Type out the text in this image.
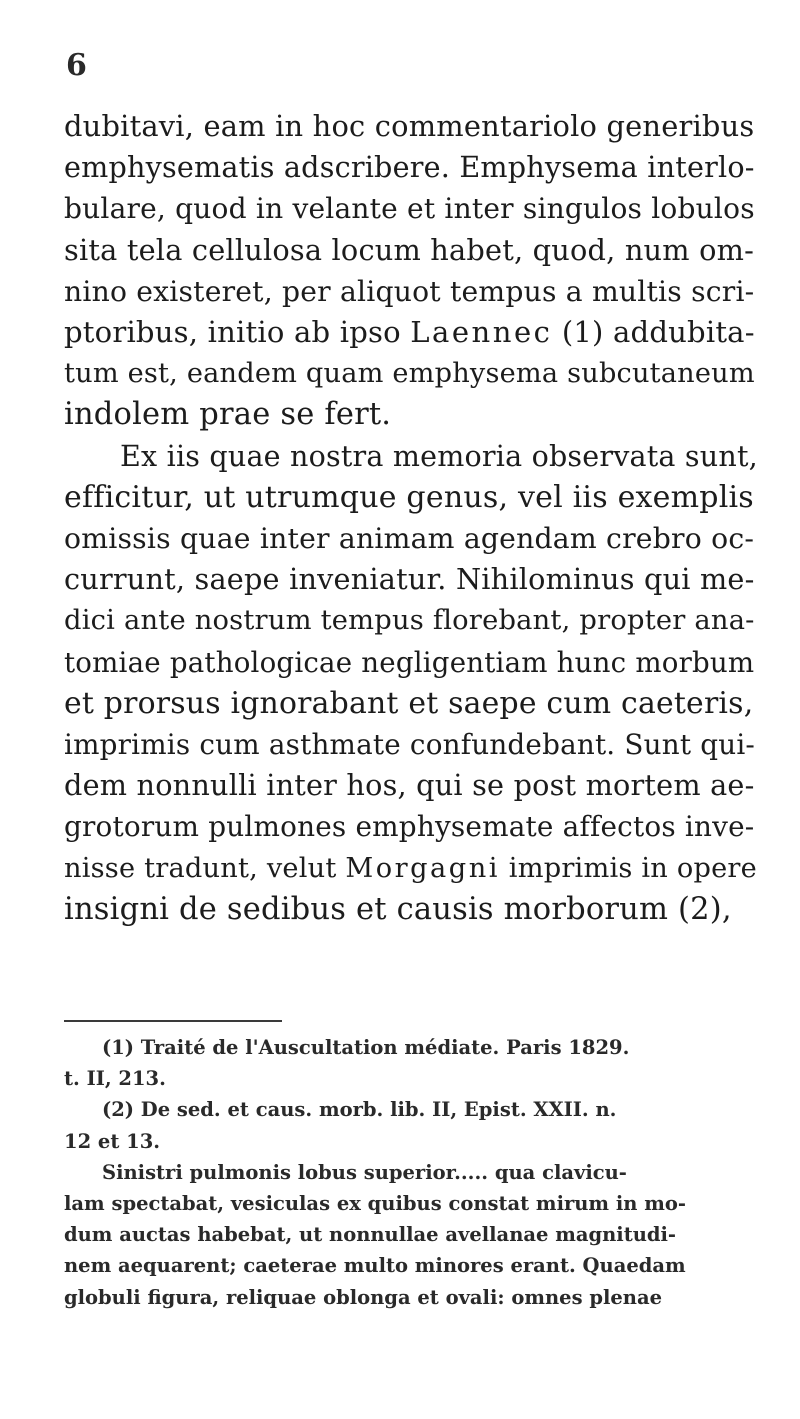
6
dubitavi, eam in hoc commentariolo generibus
emphysematis adscribere. Emphysema interlo-
bulare, quod in velante et inter singulos lobulos
sita tela cellulosa locum habet, quod, num om-
nino existeret, per aliquot tempus a multis scri-
ptoribus, initio ab ipso Laennec (1) addubita-
tum est, eandem quam emphysema subcutaneum
indolem prae se fert.
Ex iis quae nostra memoria observata sunt,
efficitur, ut utrumque genus, vel iis exemplis
omissis quae inter animam agendam crebro oc-
currunt, saepe inveniatur. Nihilominus qui me-
dici ante nostrum tempus florebant, propter ana-
tomiae pathologicae negligentiam hunc morbum
et prorsus ignorabant et saepe cum caeteris,
imprimis cum asthmate confundebant. Sunt qui-
dem nonnulli inter hos, qui se post mortem ae-
grotorum pulmones emphysemate affectos inve-
nisse tradunt, velut Morgagni imprimis in opere
insigni de sedibus et causis morborum (2),
(1) Traité de l'Auscultation médiate. Paris 1829.
t. II, 213.
(2) De sed. et caus. morb. lib. II, Epist. XXII. n.
12 et 13.
Sinistri pulmonis lobus superior..... qua clavicu-
lam spectabat, vesiculas ex quibus constat mirum in mo-
dum auctas habebat, ut nonnullae avellanae magnitudi-
nem aequarent; caeterae multo minores erant. Quaedam
globuli figura, reliquae oblonga et ovali: omnes plenae
